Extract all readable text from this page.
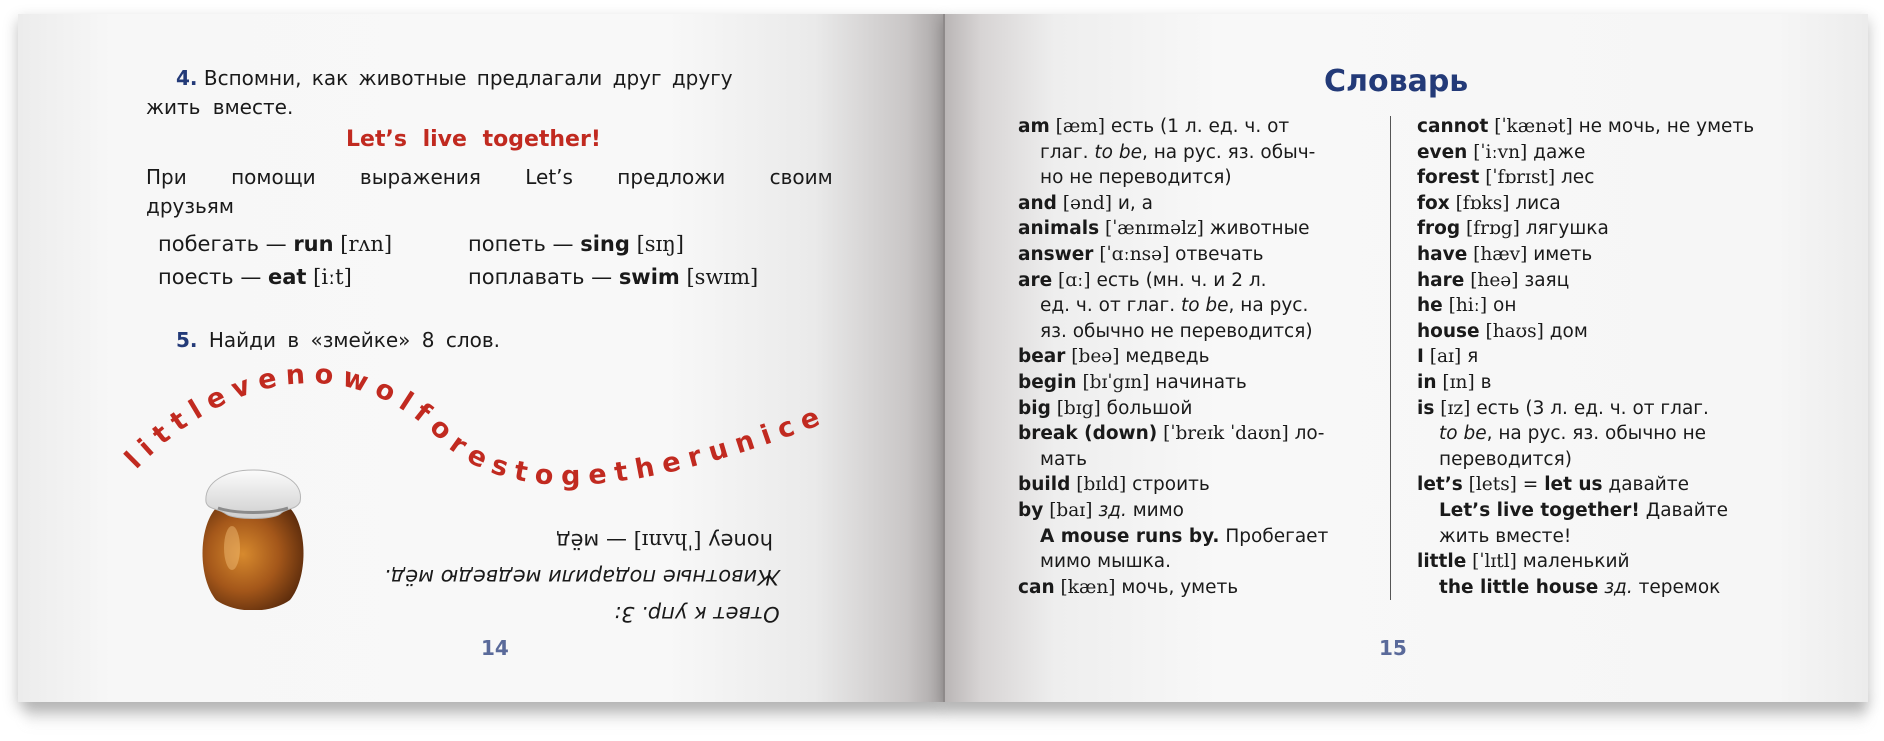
4. Вспомни, как животные предлагали друг другу
жить вместе.
Let’s live together!
При помощи выражения Let’s предложи своим
друзьям
побегать — run [rʌn]	попеть — sing [sɪŋ]
поесть — eat [iːt]	поплавать — swim [swɪm]
5. Найди в «змейке» 8 слов.
littlevenowolforestogetherunice
honey [ˈhʌnɪ] — мёд
Животные подарили медведю мёд.
Ответ к упр. 3:
14
Словарь
am [æm] есть (1 л. ед. ч. от
глаг. to be, на рус. яз. обыч-
но не переводится)
and [ənd] и, а
animals [ˈænɪməlz] животные
answer [ˈɑːnsə] отвечать
are [ɑː] есть (мн. ч. и 2 л.
ед. ч. от глаг. to be, на рус.
яз. обычно не переводится)
bear [beə] медведь
begin [bɪˈgɪn] начинать
big [bɪg] большой
break (down) [ˈbreɪk ˈdaʊn] ло-
мать
build [bɪld] строить
by [baɪ] зд. мимо
A mouse runs by. Пробегает
мимо мышка.
can [kæn] мочь, уметь
cannot [ˈkænət] не мочь, не уметь
even [ˈiːvn] даже
forest [ˈfɒrɪst] лес
fox [fɒks] лиса
frog [frɒg] лягушка
have [hæv] иметь
hare [heə] заяц
he [hiː] он
house [haʊs] дом
I [aɪ] я
in [ɪn] в
is [ɪz] есть (3 л. ед. ч. от глаг.
to be, на рус. яз. обычно не
переводится)
let’s [lets] = let us давайте
Let’s live together! Давайте
жить вместе!
little [ˈlɪtl] маленький
the little house зд. теремок
15
